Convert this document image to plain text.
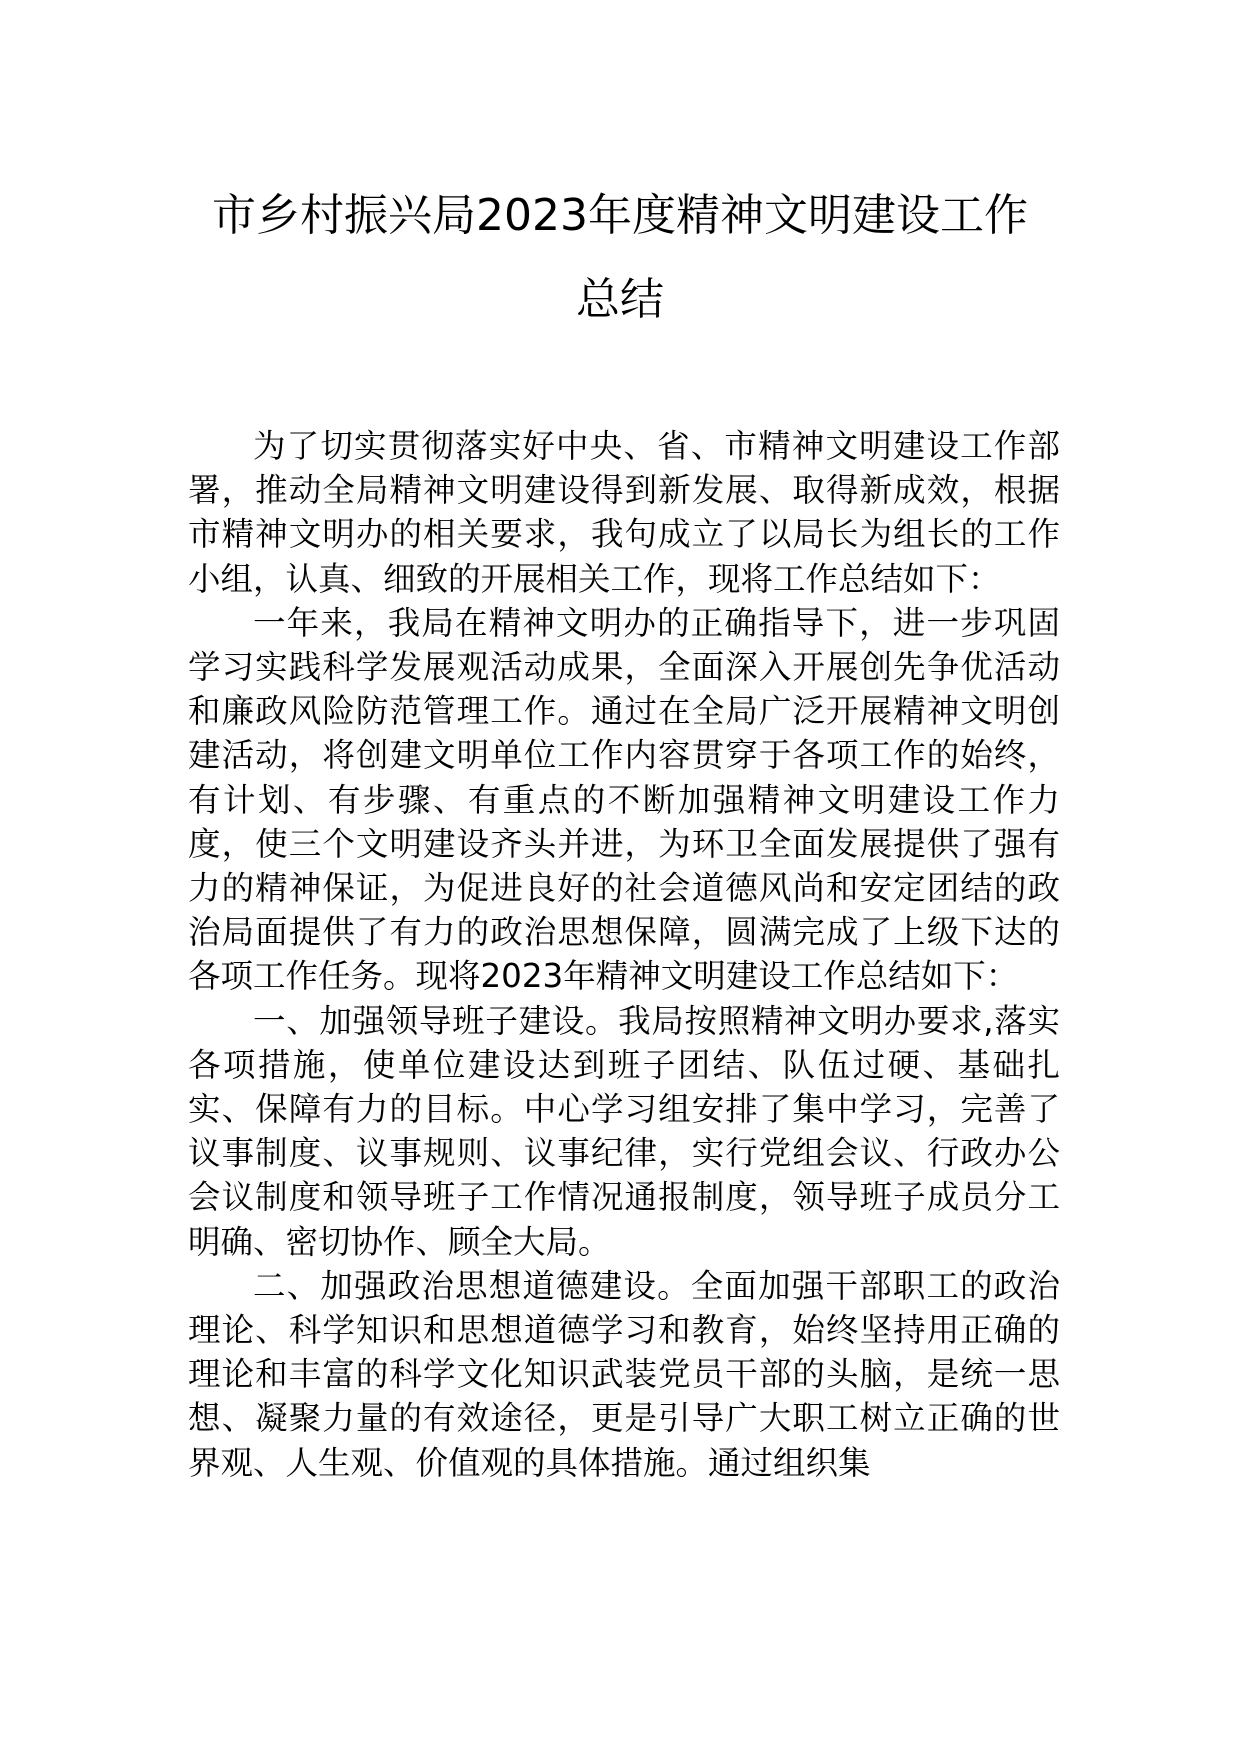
市乡村振兴局2023年度精神文明建设工作
总结

为了切实贯彻落实好中央、省、市精神文明建设工作部署，推动全局精神文明建设得到新发展、取得新成效，根据市精神文明办的相关要求，我句成立了以局长为组长的工作小组，认真、细致的开展相关工作，现将工作总结如下：

一年来，我局在精神文明办的正确指导下，进一步巩固学习实践科学发展观活动成果，全面深入开展创先争优活动和廉政风险防范管理工作。通过在全局广泛开展精神文明创建活动，将创建文明单位工作内容贯穿于各项工作的始终，有计划、有步骤、有重点的不断加强精神文明建设工作力度，使三个文明建设齐头并进，为环卫全面发展提供了强有力的精神保证，为促进良好的社会道德风尚和安定团结的政治局面提供了有力的政治思想保障，圆满完成了上级下达的各项工作任务。现将2023年精神文明建设工作总结如下：

一、加强领导班子建设。我局按照精神文明办要求,落实各项措施，使单位建设达到班子团结、队伍过硬、基础扎实、保障有力的目标。中心学习组安排了集中学习，完善了议事制度、议事规则、议事纪律，实行党组会议、行政办公会议制度和领导班子工作情况通报制度，领导班子成员分工明确、密切协作、顾全大局。

二、加强政治思想道德建设。全面加强干部职工的政治理论、科学知识和思想道德学习和教育，始终坚持用正确的理论和丰富的科学文化知识武装党员干部的头脑，是统一思想、凝聚力量的有效途径，更是引导广大职工树立正确的世界观、人生观、价值观的具体措施。通过组织集
